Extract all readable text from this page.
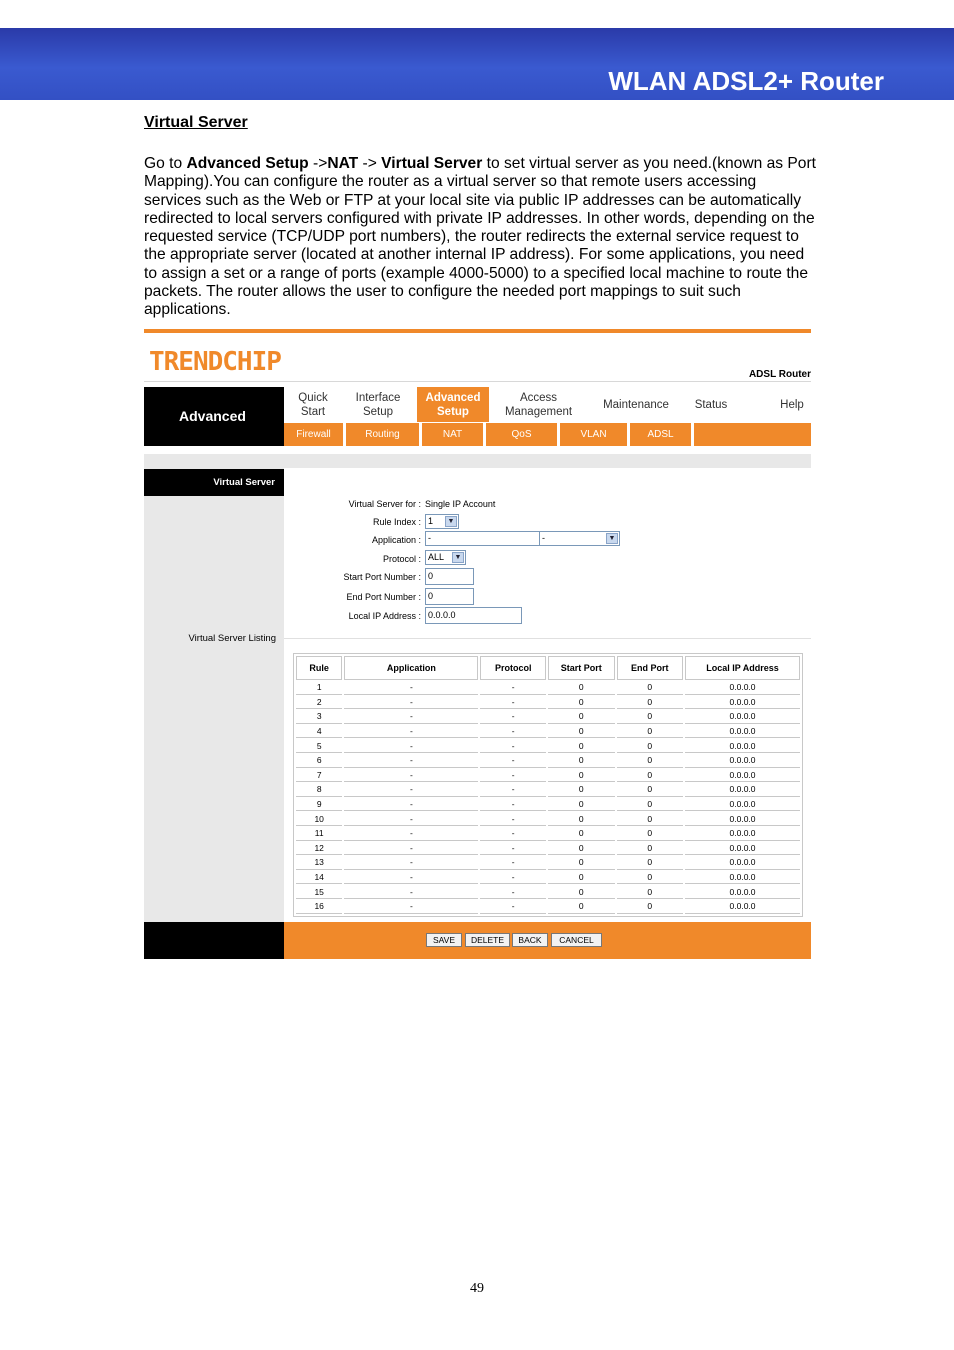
WLAN ADSL2+ Router
Virtual Server
Go to Advanced Setup ->NAT -> Virtual Server to set virtual server as you need.(known as Port Mapping).You can configure the router as a virtual server so that remote users accessing services such as the Web or FTP at your local site via public IP addresses can be automatically redirected to local servers configured with private IP addresses. In other words, depending on the requested service (TCP/UDP port numbers), the router redirects the external service request to the appropriate server (located at another internal IP address). For some applications, you need to assign a set or a range of ports (example 4000-5000) to a specified local machine to route the packets. The router allows the user to configure the needed port mappings to suit such applications.
TRENDCHIP	ADSL Router
Advanced
Quick Start
Interface Setup
Advanced Setup
Access Management
Maintenance	Status	Help
Firewall	Routing	NAT	QoS	VLAN	ADSL
Virtual Server
Virtual Server Listing
Virtual Server for : Single IP Account
Rule Index : 1	▼
Application : -	-	▼
Protocol : ALL	▼
Start Port Number : 0
End Port Number : 0
Local IP Address : 0.0.0.0
Rule	Application	Protocol	Start Port	End Port	Local IP Address
1	-	-	0	0	0.0.0.0
2	-	-	0	0	0.0.0.0
3	-	-	0	0	0.0.0.0
4	-	-	0	0	0.0.0.0
5	-	-	0	0	0.0.0.0
6	-	-	0	0	0.0.0.0
7	-	-	0	0	0.0.0.0
8	-	-	0	0	0.0.0.0
9	-	-	0	0	0.0.0.0
10	-	-	0	0	0.0.0.0
11	-	-	0	0	0.0.0.0
12	-	-	0	0	0.0.0.0
13	-	-	0	0	0.0.0.0
14	-	-	0	0	0.0.0.0
15	-	-	0	0	0.0.0.0
16	-	-	0	0	0.0.0.0
SAVE	DELETE	BACK	CANCEL
49
